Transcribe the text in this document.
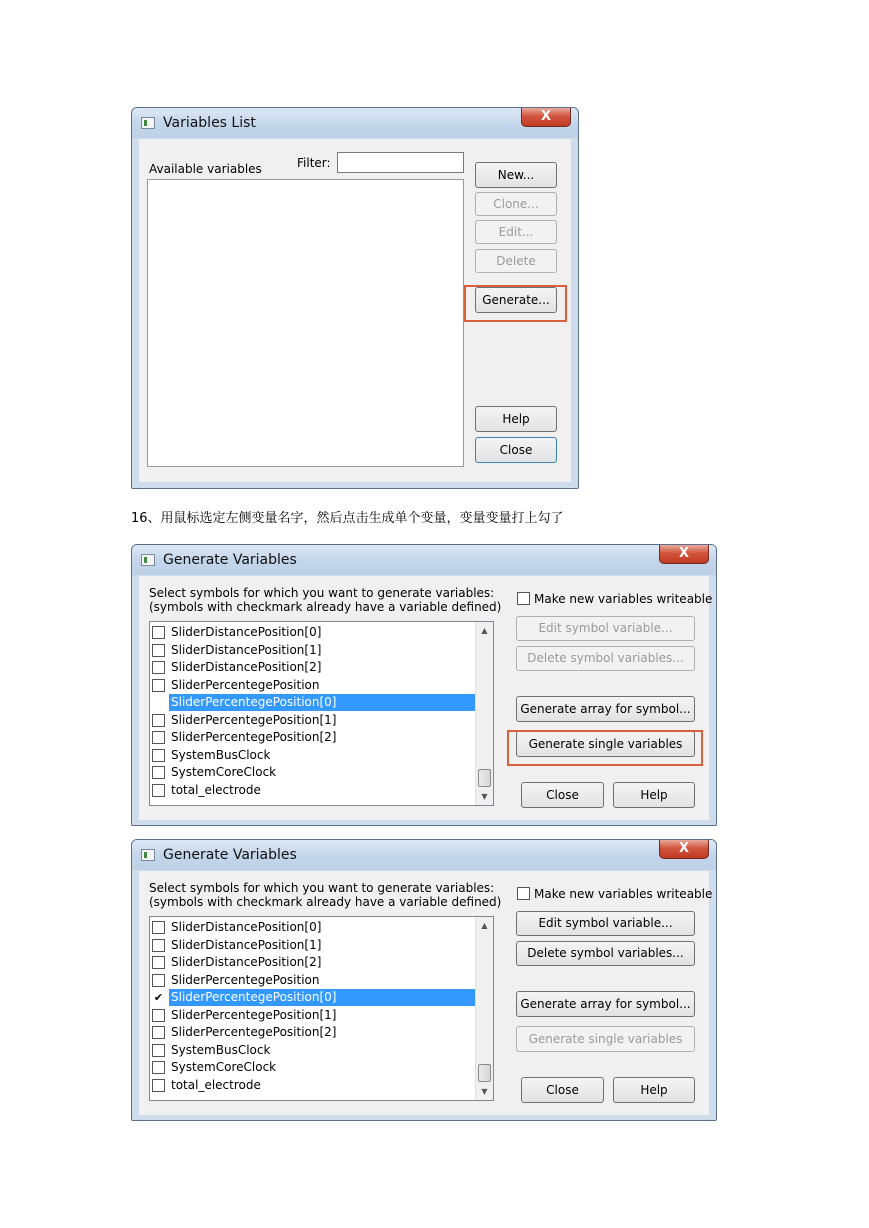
Variables List	X
Available variables	Filter:
New...
Clone...
Edit...
Delete
Generate...
Help
Close
16、用鼠标选定左侧变量名字，然后点击生成单个变量，变量变量打上勾了
Generate Variables	X
Select symbols for which you want to generate variables:
(symbols with checkmark already have a variable defined)
SliderDistancePosition[0]
SliderDistancePosition[1]
SliderDistancePosition[2]
SliderPercentegePosition
SliderPercentegePosition[0]
SliderPercentegePosition[1]
SliderPercentegePosition[2]
SystemBusClock
SystemCoreClock
total_electrode
▲
▼
Make new variables writeable
Edit symbol variable...
Delete symbol variables...
Generate array for symbol...
Generate single variables
Close	Help
Generate Variables	X
Select symbols for which you want to generate variables:
(symbols with checkmark already have a variable defined)
SliderDistancePosition[0]
SliderDistancePosition[1]
SliderDistancePosition[2]
SliderPercentegePosition
✔ SliderPercentegePosition[0]
SliderPercentegePosition[1]
SliderPercentegePosition[2]
SystemBusClock
SystemCoreClock
total_electrode
▲
▼
Make new variables writeable
Edit symbol variable...
Delete symbol variables...
Generate array for symbol...
Generate single variables
Close	Help
